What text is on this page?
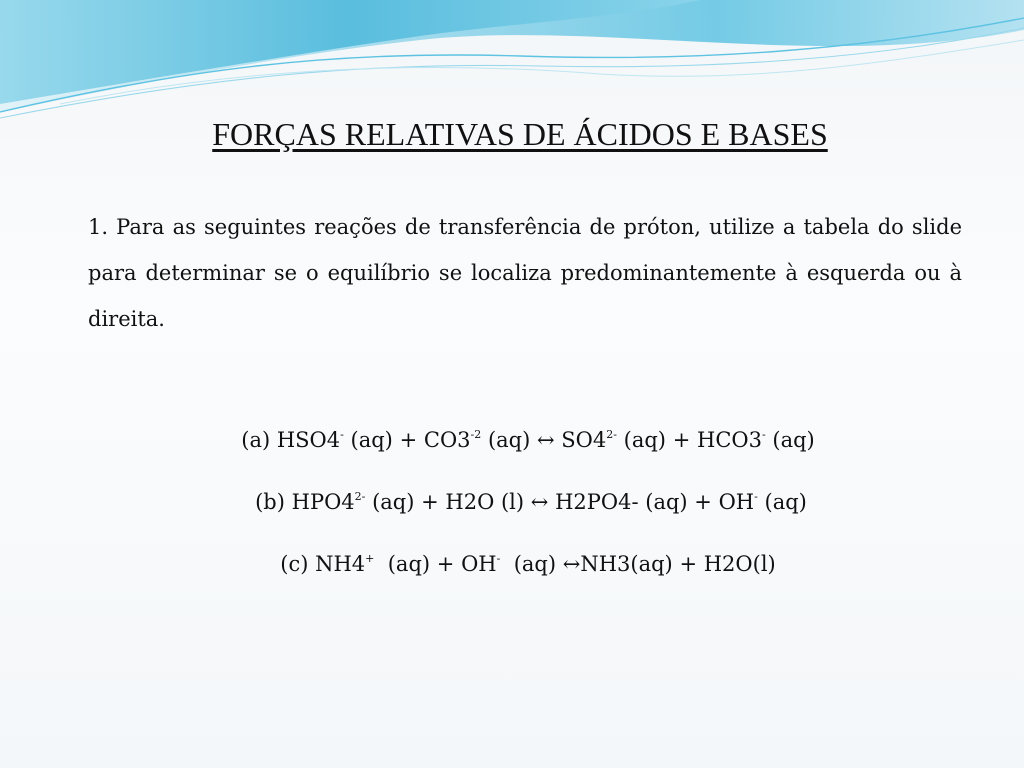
FORÇAS RELATIVAS DE ÁCIDOS E BASES

1. Para as seguintes reações de transferência de próton, utilize a tabela do slide para determinar se o equilíbrio se localiza predominantemente à esquerda ou à direita.

(a) HSO4- $(aq) + CO3^{-2}$ (aq) ↔ $SO4^{2-}$ (aq) + HCO3- (aq)
(b) $HPO4^{2-}$ (aq) + H2O (l) ↔ H2PO4- (aq) + OH- (aq)
(c) NH4+ (aq) + OH- (aq) ↔NH3(aq) + H2O(l)
